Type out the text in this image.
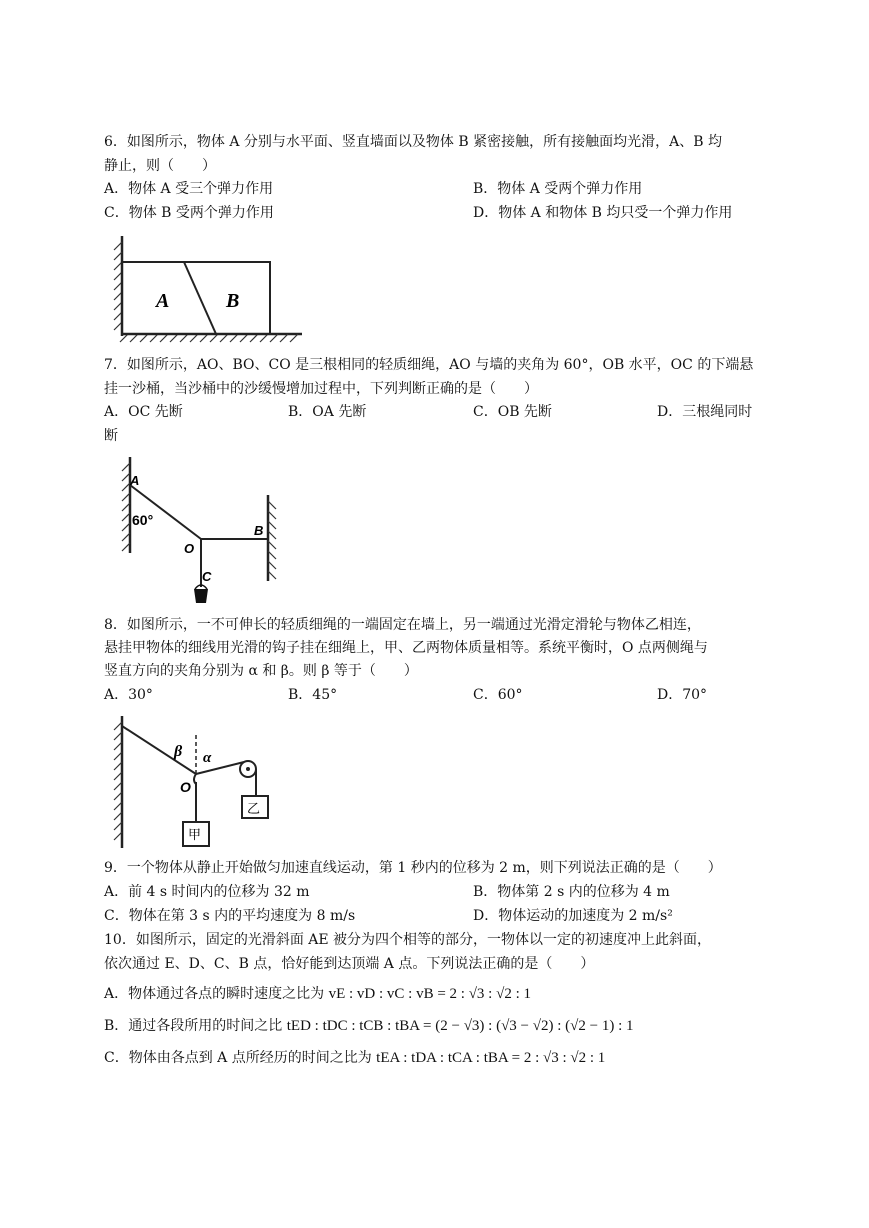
6．如图所示，物体 A 分别与水平面、竖直墙面以及物体 B 紧密接触，所有接触面均光滑，A、B 均
静止，则（　　）
A．物体 A 受三个弹力作用	B．物体 A 受两个弹力作用
C．物体 B 受两个弹力作用	D．物体 A 和物体 B 均只受一个弹力作用
A	B
7．如图所示，AO、BO、CO 是三根相同的轻质细绳，AO 与墙的夹角为 60°，OB 水平，OC 的下端悬
挂一沙桶，当沙桶中的沙缓慢增加过程中，下列判断正确的是（　　）
A．OC 先断	B．OA 先断	C．OB 先断	D．三根绳同时
断
A
60°
O
B
C
8．如图所示，一不可伸长的轻质细绳的一端固定在墙上，另一端通过光滑定滑轮与物体乙相连，
悬挂甲物体的细线用光滑的钩子挂在细绳上，甲、乙两物体质量相等。系统平衡时，O 点两侧绳与
竖直方向的夹角分别为 α 和 β。则 β 等于（　　）
A．30°	B．45°	C．60°	D．70°
β α
O
乙
甲
9．一个物体从静止开始做匀加速直线运动，第 1 秒内的位移为 2 m，则下列说法正确的是（　　）
A．前 4 s 时间内的位移为 32 m	B．物体第 2 s 内的位移为 4 m
C．物体在第 3 s 内的平均速度为 8 m/s	D．物体运动的加速度为 2 m/s²
10．如图所示，固定的光滑斜面 AE 被分为四个相等的部分，一物体以一定的初速度冲上此斜面，
依次通过 E、D、C、B 点，恰好能到达顶端 A 点。下列说法正确的是（　　）
A．物体通过各点的瞬时速度之比为 vE : vD : vC : vB = 2 : √3 : √2 : 1
B．通过各段所用的时间之比 tED : tDC : tCB : tBA = (2 − √3) : (√3 − √2) : (√2 − 1) : 1
C．物体由各点到 A 点所经历的时间之比为 tEA : tDA : tCA : tBA = 2 : √3 : √2 : 1
